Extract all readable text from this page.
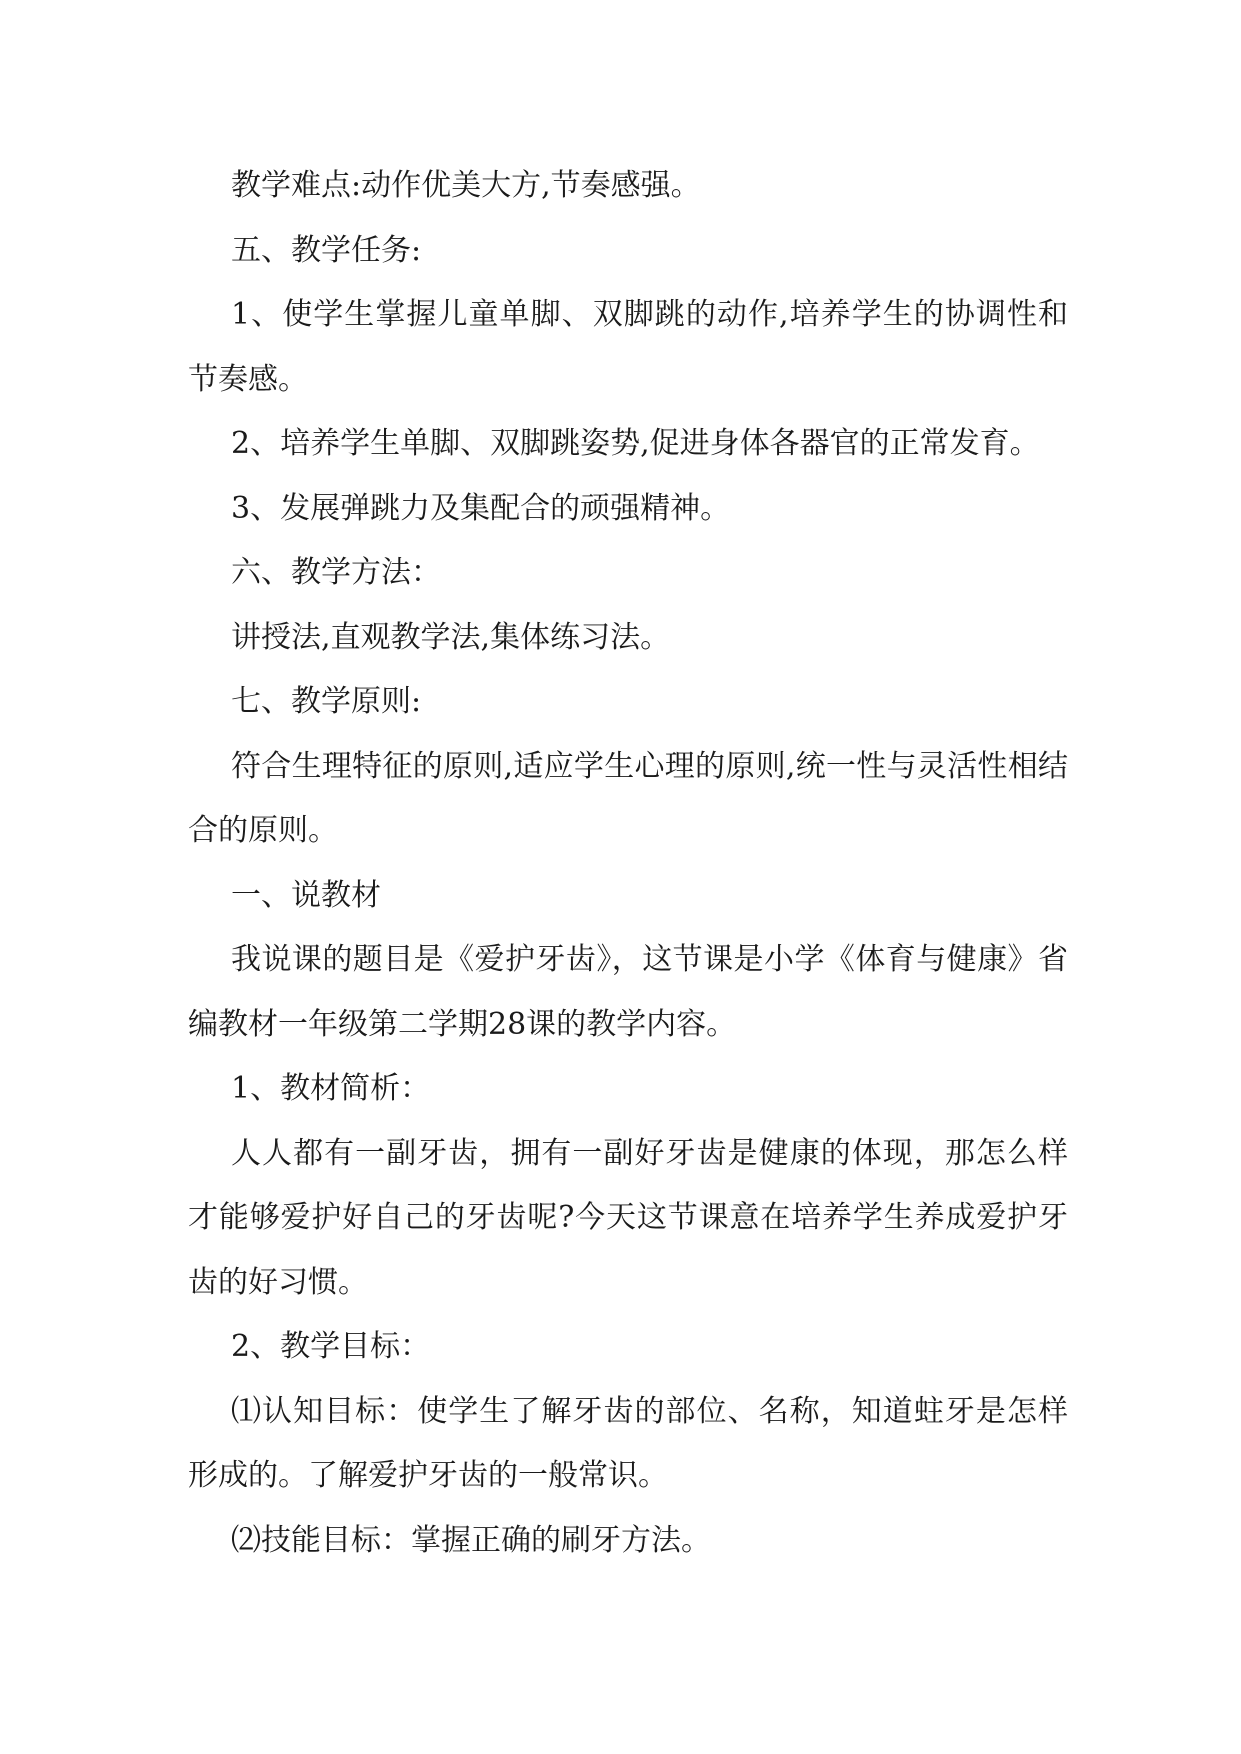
教学难点:动作优美大方,节奏感强。

五、教学任务:

1、使学生掌握儿童单脚、双脚跳的动作,培养学生的协调性和节奏感。

2、培养学生单脚、双脚跳姿势,促进身体各器官的正常发育。

3、发展弹跳力及集配合的顽强精神。

六、教学方法：

讲授法,直观教学法,集体练习法。

七、教学原则:

符合生理特征的原则,适应学生心理的原则,统一性与灵活性相结合的原则。

一、说教材

我说课的题目是《爱护牙齿》，这节课是小学《体育与健康》省编教材一年级第二学期28课的教学内容。

1、教材简析：

人人都有一副牙齿，拥有一副好牙齿是健康的体现，那怎么样才能够爱护好自己的牙齿呢?今天这节课意在培养学生养成爱护牙齿的好习惯。

2、教学目标：

⑴认知目标：使学生了解牙齿的部位、名称，知道蛀牙是怎样形成的。了解爱护牙齿的一般常识。

⑵技能目标：掌握正确的刷牙方法。
